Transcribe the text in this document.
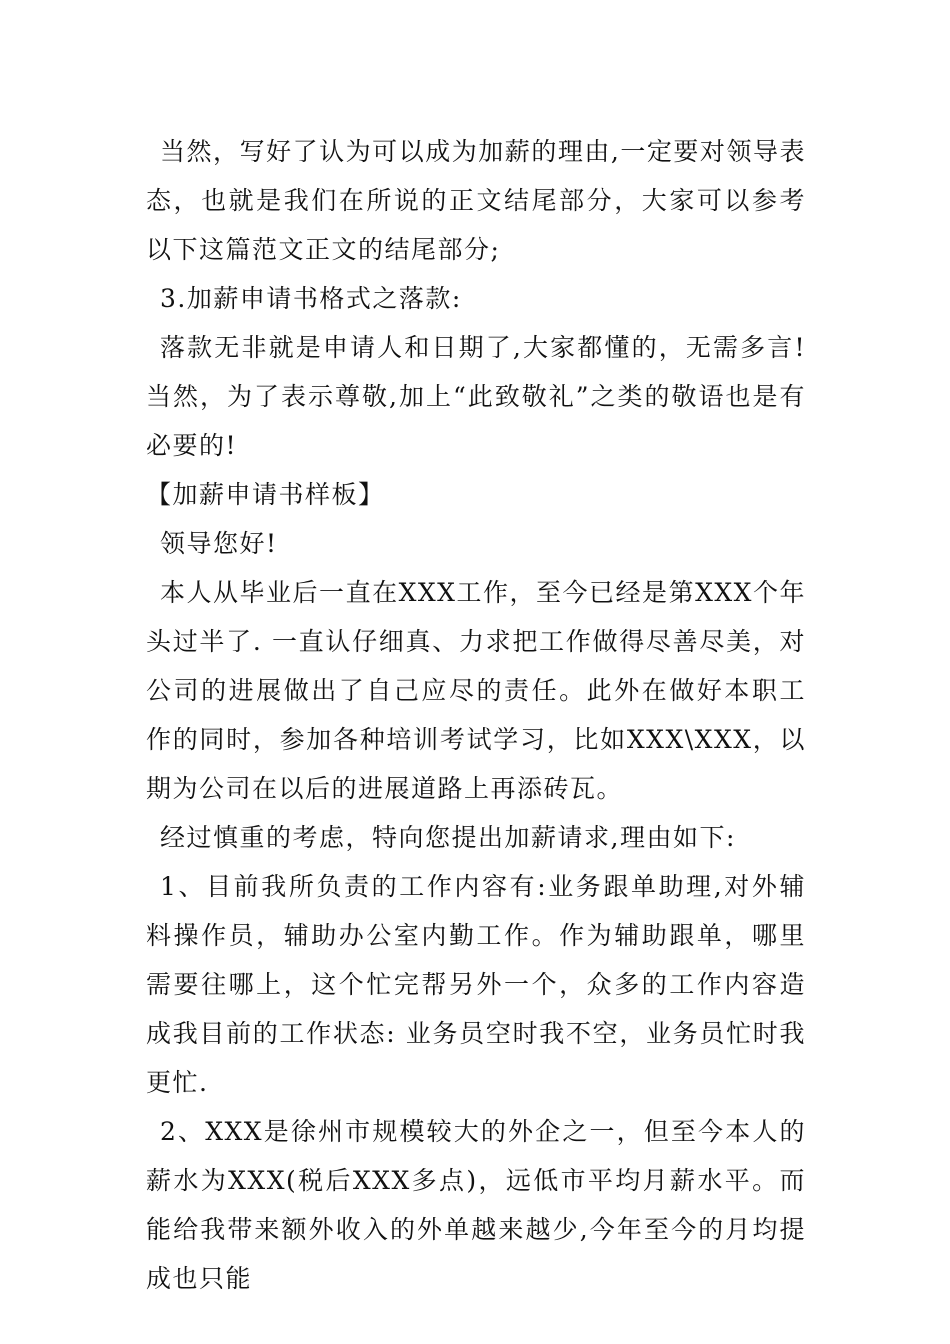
当然，写好了认为可以成为加薪的理由,一定要对领导表态，也就是我们在所说的正文结尾部分，大家可以参考以下这篇范文正文的结尾部分;

3.加薪申请书格式之落款:

落款无非就是申请人和日期了,大家都懂的，无需多言!当然，为了表示尊敬,加上“此致敬礼”之类的敬语也是有必要的!

【加薪申请书样板】

领导您好!

本人从毕业后一直在XXX工作，至今已经是第XXX个年头过半了. 一直认仔细真、力求把工作做得尽善尽美，对公司的进展做出了自己应尽的责任。此外在做好本职工作的同时，参加各种培训考试学习，比如XXX\XXX，以期为公司在以后的进展道路上再添砖瓦。

经过慎重的考虑，特向您提出加薪请求,理由如下:

1、目前我所负责的工作内容有:业务跟单助理,对外辅料操作员，辅助办公室内勤工作。作为辅助跟单，哪里需要往哪上，这个忙完帮另外一个，众多的工作内容造成我目前的工作状态: 业务员空时我不空，业务员忙时我更忙.

2、XXX是徐州市规模较大的外企之一，但至今本人的薪水为XXX(税后XXX多点)，远低市平均月薪水平。而能给我带来额外收入的外单越来越少,今年至今的月均提成也只能
